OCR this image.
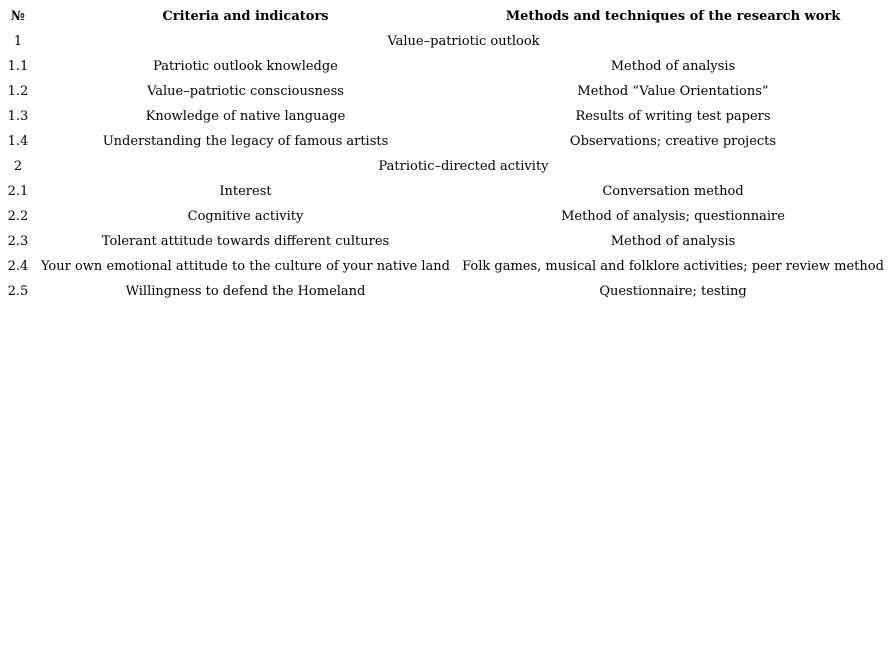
№	Criteria and indicators	Methods and techniques of the research work
1	Value–patriotic outlook	
1.1	Patriotic outlook knowledge	Method of analysis
1.2	Value–patriotic consciousness	Method “Value Orientations”
1.3	Knowledge of native language	Results of writing test papers
1.4	Understanding the legacy of famous artists	Observations; creative projects
2	Patriotic–directed activity	
2.1	Interest	Conversation method
2.2	Cognitive activity	Method of analysis; questionnaire
2.3	Tolerant attitude towards different cultures	Method of analysis
2.4	Your own emotional attitude to the culture of your native land	Folk games, musical and folklore activities; peer review method
2.5	Willingness to defend the Homeland	Questionnaire; testing
